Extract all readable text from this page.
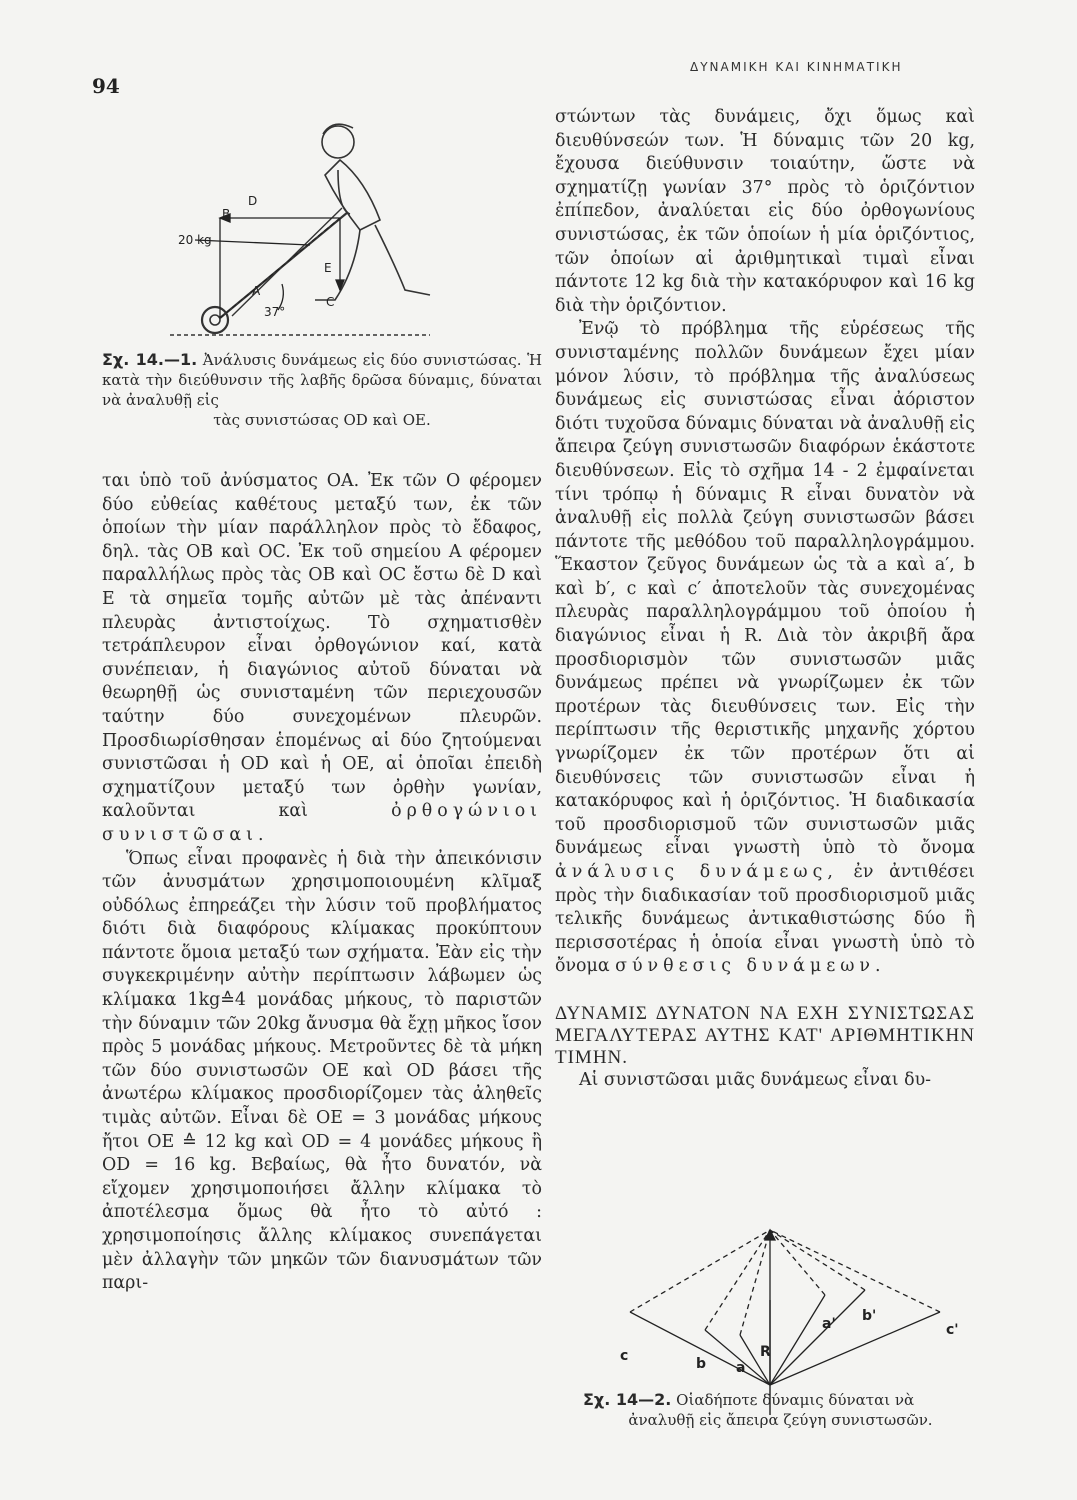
94
ΔΥΝΑΜΙΚΗ ΚΑΙ ΚΙΝΗΜΑΤΙΚΗ
D
B
20 kg
E
A
C
37°
Σχ. 14.—1. Ἀνάλυσις δυνάμεως εἰς δύο συνιστώσας. Ἡ κατὰ τὴν διεύθυνσιν τῆς λαβῆς δρῶσα δύναμις, δύναται νὰ ἀναλυθῇ εἰς
τὰς συνιστώσας OD καὶ OE.

ται ὑπὸ τοῦ ἀνύσματος OA. Ἐκ τῶν O φέρομεν δύο εὐθείας καθέτους μεταξύ των, ἐκ τῶν ὁποίων τὴν μίαν παράλληλον πρὸς τὸ ἔδαφος, δηλ. τὰς OB καὶ OC. Ἐκ τοῦ σημείου A φέρομεν παραλλήλως πρὸς τὰς OB καὶ OC ἔστω δὲ D καὶ E τὰ σημεῖα τομῆς αὐτῶν μὲ τὰς ἀπέναντι πλευρὰς ἀντιστοίχως. Τὸ σχηματισθὲν τετράπλευρον εἶναι ὀρθογώνιον καί, κατὰ συνέπειαν, ἡ διαγώνιος αὐτοῦ δύναται νὰ θεωρηθῇ ὡς συνισταμένη τῶν περιεχουσῶν ταύτην δύο συνεχομένων πλευρῶν. Προσδιωρίσθησαν ἑπομένως αἱ δύο ζητούμεναι συνιστῶσαι ἡ OD καὶ ἡ OE, αἱ ὁποῖαι ἐπειδὴ σχηματίζουν μεταξύ των ὀρθὴν γωνίαν, καλοῦνται καὶ	ὀρθογώνιοι συνιστῶσαι.

Ὅπως εἶναι προφανὲς ἡ διὰ τὴν ἀπεικόνισιν τῶν ἀνυσμάτων χρησιμοποιουμένη κλῖμαξ οὐδόλως ἐπηρεάζει τὴν λύσιν τοῦ προβλήματος διότι διὰ διαφόρους κλίμακας προκύπτουν πάντοτε ὅμοια μεταξύ των σχήματα. Ἐὰν εἰς τὴν συγκεκριμένην αὐτὴν περίπτωσιν λάβωμεν ὡς κλίμακα 1kg≙4 μονάδας μήκους, τὸ παριστῶν τὴν δύναμιν τῶν 20kg ἄνυσμα θὰ ἔχῃ μῆκος ἴσον πρὸς 5 μονάδας μήκους. Μετροῦντες δὲ τὰ μήκη τῶν δύο συνιστωσῶν OE καὶ OD βάσει τῆς ἀνωτέρω κλίμακος προσδιορίζομεν τὰς ἀληθεῖς τιμὰς αὐτῶν. Εἶναι δὲ OE = 3 μονάδας μήκους ἤτοι OE ≙ 12 kg καὶ OD = 4 μονάδες μήκους ἢ OD = 16 kg. Βεβαίως, θὰ ἦτο δυνατόν, νὰ εἴχομεν χρησιμοποιήσει ἄλλην κλίμακα τὸ ἀποτέλεσμα ὅμως θὰ ἦτο τὸ αὐτό : χρησιμοποίησις ἄλλης κλίμακος συνεπάγεται μὲν ἀλλαγὴν τῶν μηκῶν τῶν διανυσμάτων τῶν παρι-

στώντων τὰς δυνάμεις, ὄχι ὅμως καὶ διευθύνσεών των. Ἡ δύναμις τῶν 20 kg, ἔχουσα διεύθυνσιν τοιαύτην, ὥστε νὰ σχηματίζῃ γωνίαν 37° πρὸς τὸ ὁριζόντιον ἐπίπεδον, ἀναλύεται εἰς δύο ὀρθογωνίους συνιστώσας, ἐκ τῶν ὁποίων ἡ μία ὁριζόντιος, τῶν ὁποίων αἱ ἀριθμητικαὶ τιμαὶ εἶναι πάντοτε 12 kg διὰ τὴν κατακόρυφον καὶ 16 kg διὰ τὴν ὁριζόντιον.

Ἐνῷ τὸ πρόβλημα τῆς εὑρέσεως τῆς συνισταμένης πολλῶν δυνάμεων ἔχει μίαν μόνον λύσιν, τὸ πρόβλημα τῆς ἀναλύσεως δυνάμεως εἰς συνιστώσας εἶναι ἀόριστον διότι τυχοῦσα δύναμις δύναται νὰ ἀναλυθῇ εἰς ἄπειρα ζεύγη συνιστωσῶν διαφόρων ἑκάστοτε διευθύνσεων. Εἰς τὸ σχῆμα 14 - 2 ἐμφαίνεται τίνι τρόπῳ ἡ δύναμις R εἶναι δυνατὸν νὰ ἀναλυθῇ εἰς πολλὰ ζεύγη συνιστωσῶν βάσει πάντοτε τῆς μεθόδου τοῦ παραλληλογράμμου. Ἕκαστον ζεῦγος δυνάμεων ὡς τὰ a καὶ a′, b καὶ b′, c καὶ c′ ἀποτελοῦν τὰς συνεχομένας πλευρὰς παραλληλογράμμου τοῦ ὁποίου ἡ διαγώνιος εἶναι ἡ R. Διὰ τὸν ἀκριβῆ ἄρα προσδιορισμὸν τῶν συνιστωσῶν μιᾶς δυνάμεως πρέπει νὰ γνωρίζωμεν ἐκ τῶν προτέρων τὰς διευθύνσεις των. Εἰς τὴν περίπτωσιν τῆς θεριστικῆς μηχανῆς χόρτου γνωρίζομεν ἐκ τῶν προτέρων ὅτι αἱ διευθύνσεις τῶν συνιστωσῶν εἶναι ἡ κατακόρυφος καὶ ἡ ὁριζόντιος. Ἡ διαδικασία τοῦ προσδιορισμοῦ τῶν συνιστωσῶν μιᾶς δυνάμεως εἶναι γνωστὴ ὑπὸ τὸ ὄνομα ἀνάλυσις δυνάμεως, ἐν ἀντιθέσει πρὸς τὴν διαδικασίαν τοῦ προσδιορισμοῦ μιᾶς τελικῆς δυνάμεως ἀντικαθιστώσης δύο ἢ περισσοτέρας ἡ ὁποία εἶναι γνωστὴ ὑπὸ τὸ ὄνομα σύνθεσις δυνάμεων.

ΔΥΝΑΜΙΣ ΔΥΝΑΤΟΝ ΝΑ ΕΧΗ ΣΥΝΙΣΤΩΣΑΣ ΜΕΓΑΛΥΤΕΡΑΣ ΑΥΤΗΣ ΚΑΤ' ΑΡΙΘΜΗΤΙΚΗΝ ΤΙΜΗΝ.

Αἱ συνιστῶσαι μιᾶς δυνάμεως εἶναι δυ-

c	b a
R
a' b'
c'
Σχ. 14—2. Οἱαδήποτε δύναμις δύναται νὰ
ἀναλυθῇ εἰς ἄπειρα ζεύγη συνιστωσῶν.
